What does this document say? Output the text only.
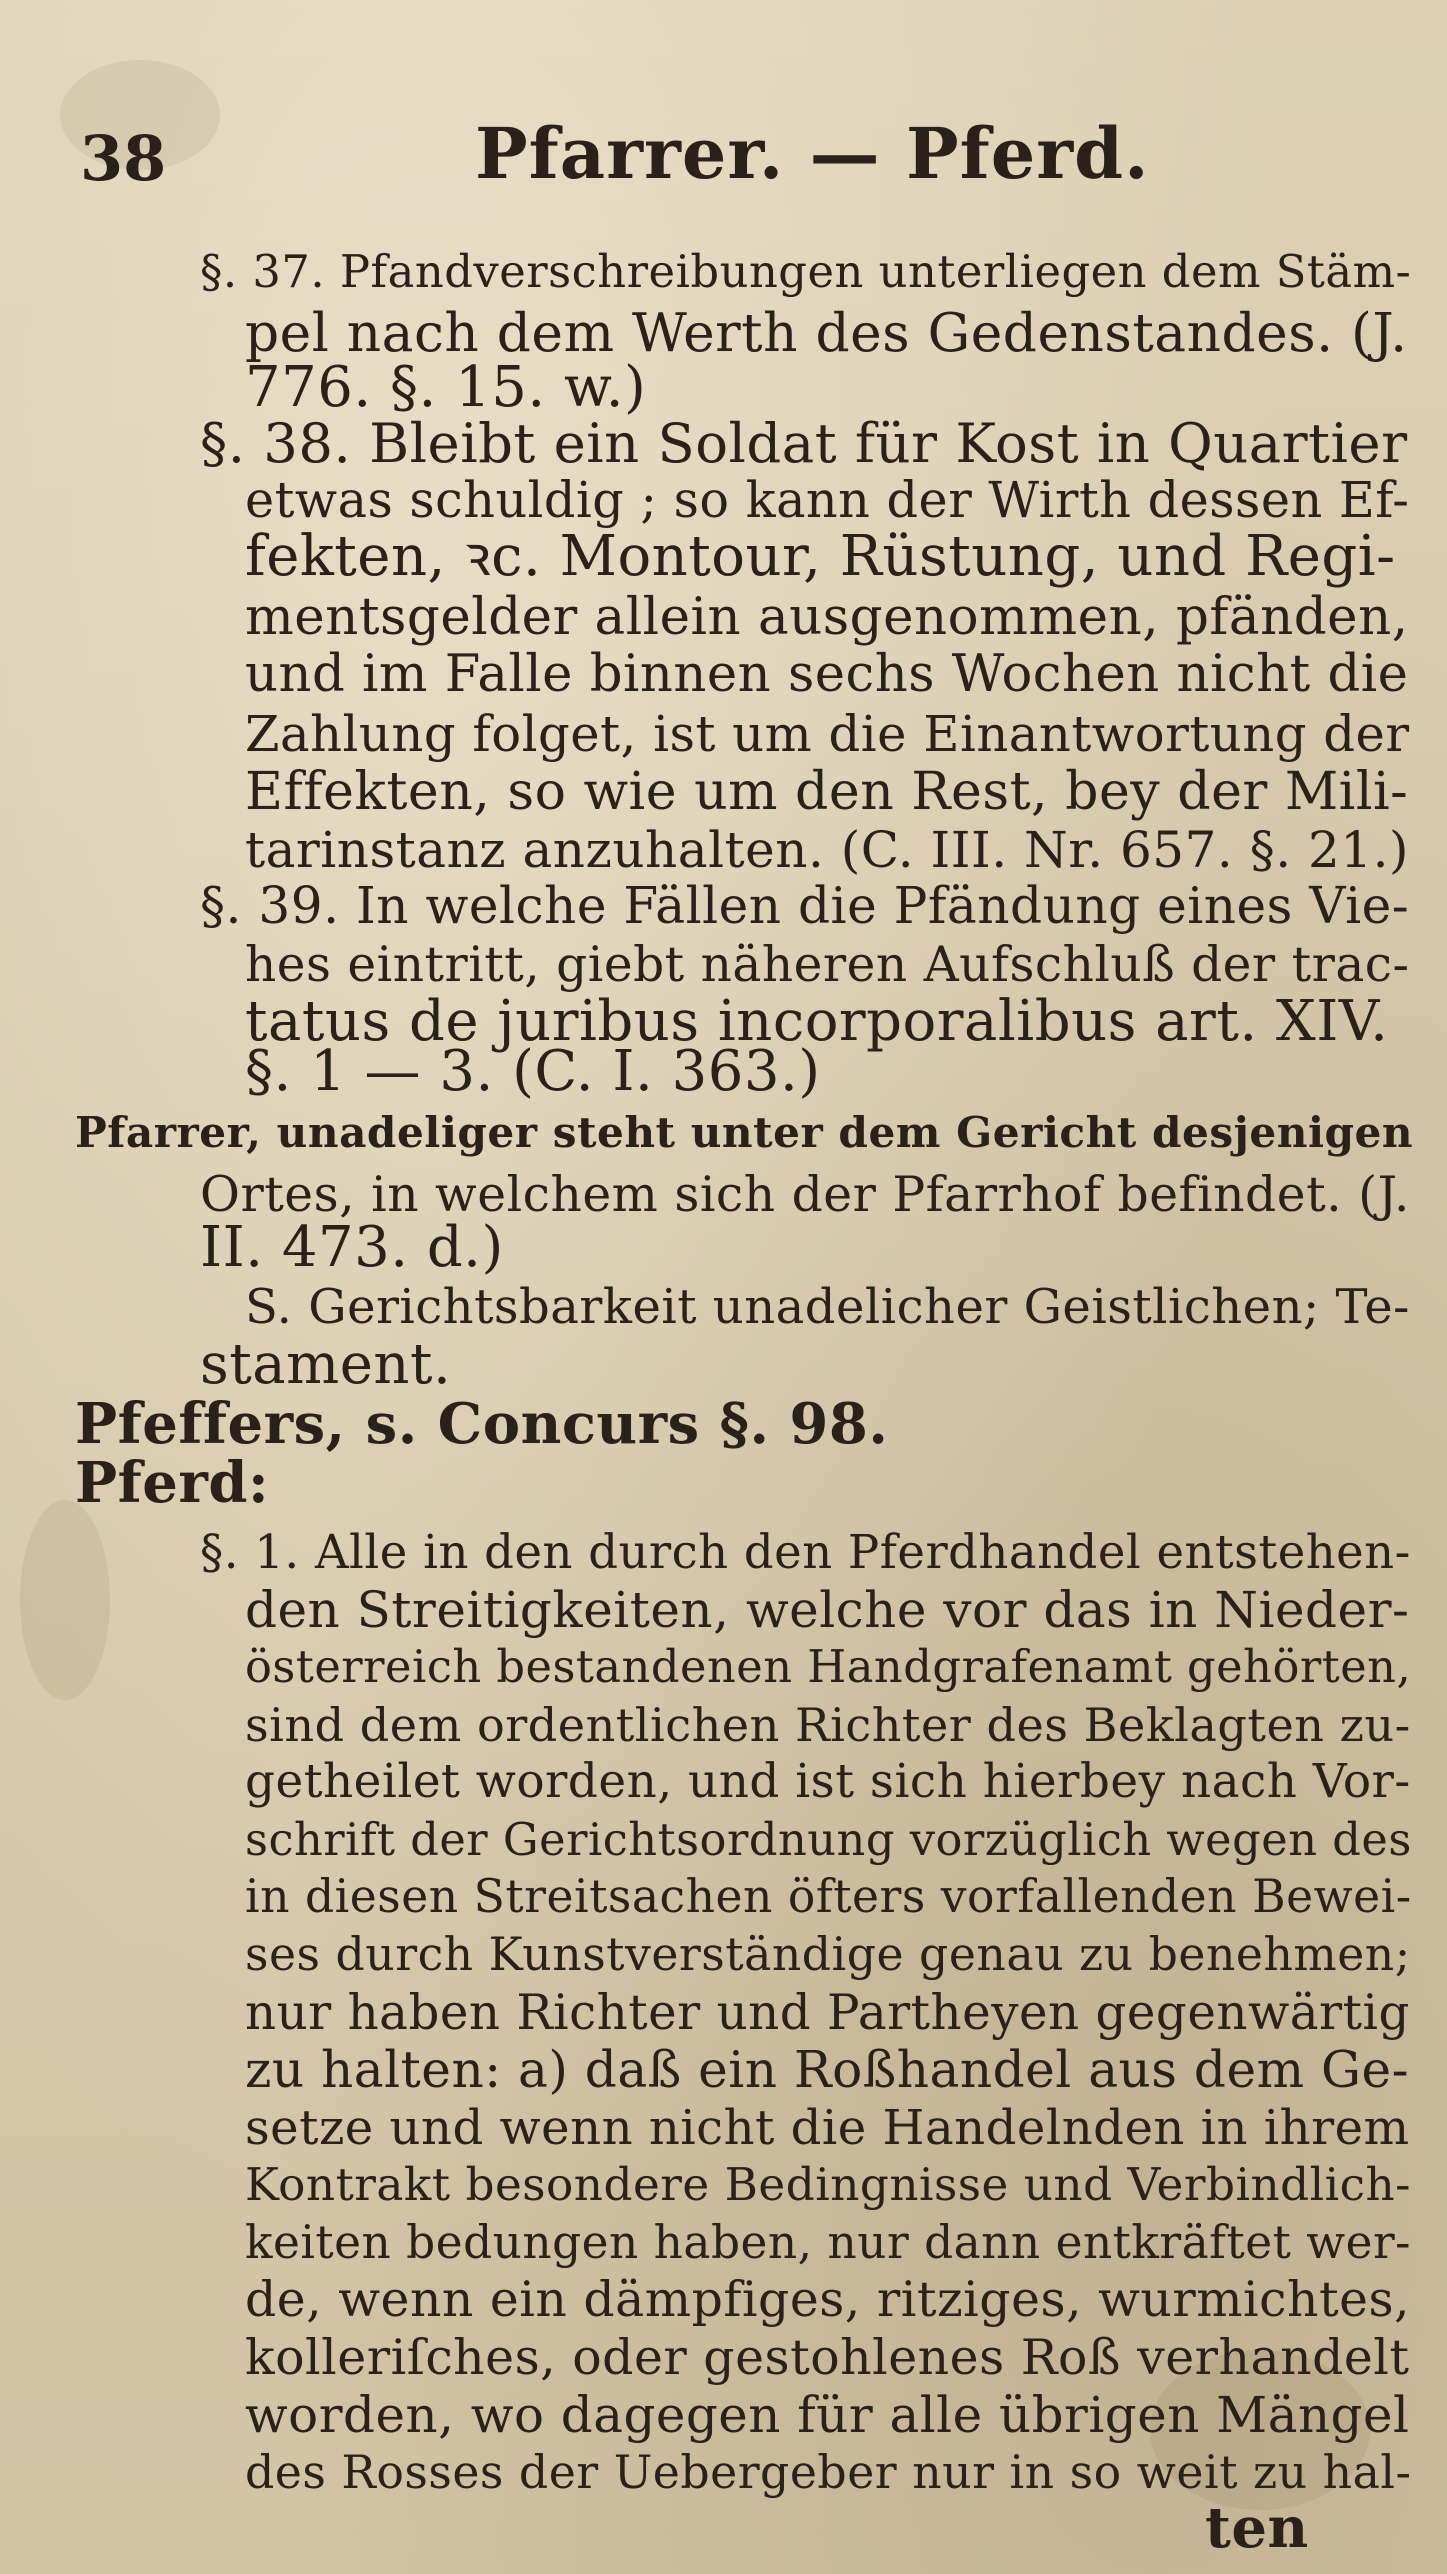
38	Pfarrer. — Pferd.
§. 37. Pfandverschreibungen unterliegen dem Stäm-
pel nach dem Werth des Gedenstandes. (J.
776. §. 15. w.)
§. 38. Bleibt ein Soldat für Kost in Quartier
etwas schuldig ; so kann der Wirth dessen Ef-
fekten, ꝛc. Montour, Rüstung, und Regi-
mentsgelder allein ausgenommen, pfänden,
und im Falle binnen sechs Wochen nicht die
Zahlung folget, ist um die Einantwortung der
Effekten, so wie um den Rest, bey der Mili-
tarinstanz anzuhalten. (C. III. Nr. 657. §. 21.)
§. 39. In welche Fällen die Pfändung eines Vie-
hes eintritt, giebt näheren Aufschluß der trac-
tatus de juribus incorporalibus art. XIV.
§. 1 — 3. (C. I. 363.)
Pfarrer, unadeliger steht unter dem Gericht desjenigen
Ortes, in welchem sich der Pfarrhof befindet. (J.
II. 473. d.)
S. Gerichtsbarkeit unadelicher Geistlichen; Te-
stament.
Pfeffers, s. Concurs §. 98.
Pferd:
§. 1. Alle in den durch den Pferdhandel entstehen-
den Streitigkeiten, welche vor das in Nieder-
österreich bestandenen Handgrafenamt gehörten,
sind dem ordentlichen Richter des Beklagten zu-
getheilet worden, und ist sich hierbey nach Vor-
schrift der Gerichtsordnung vorzüglich wegen des
in diesen Streitsachen öfters vorfallenden Bewei-
ses durch Kunstverständige genau zu benehmen;
nur haben Richter und Partheyen gegenwärtig
zu halten: a) daß ein Roßhandel aus dem Ge-
setze und wenn nicht die Handelnden in ihrem
Kontrakt besondere Bedingnisse und Verbindlich-
keiten bedungen haben, nur dann entkräftet wer-
de, wenn ein dämpfiges, ritziges, wurmichtes,
kolleriſches, oder gestohlenes Roß verhandelt
worden, wo dagegen für alle übrigen Mängel
des Rosses der Uebergeber nur in so weit zu hal-
ten
